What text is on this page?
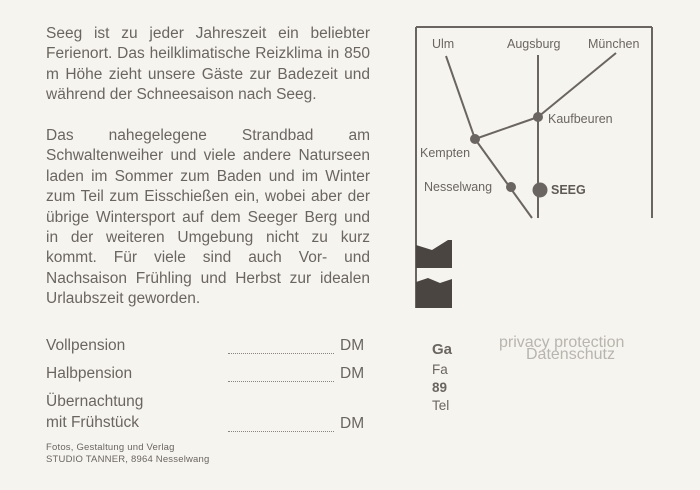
Seeg ist zu jeder Jahreszeit ein beliebter Ferienort. Das heilklimatische Reizklima in 850 m Höhe zieht unsere Gäste zur Badezeit und während der Schneesaison nach Seeg.
Das nahegelegene Strandbad am Schwaltenweiher und viele andere Naturseen laden im Sommer zum Baden und im Winter zum Teil zum Eisschießen ein, wobei aber der übrige Wintersport auf dem Seeger Berg und in der weiteren Umgebung nicht zu kurz kommt. Für viele sind auch Vor- und Nachsaison Frühling und Herbst zur idealen Urlaubszeit geworden.
Vollpension	DM
Halbpension	DM
Übernachtung
mit Frühstück	DM
Fotos, Gestaltung und Verlag
STUDIO TANNER, 8964 Nesselwang
Ulm	Augsburg München
Kaufbeuren
Kempten
Nesselwang	SEEG
Ga
Fa
89
Tel
privacy protection
Datenschutz
